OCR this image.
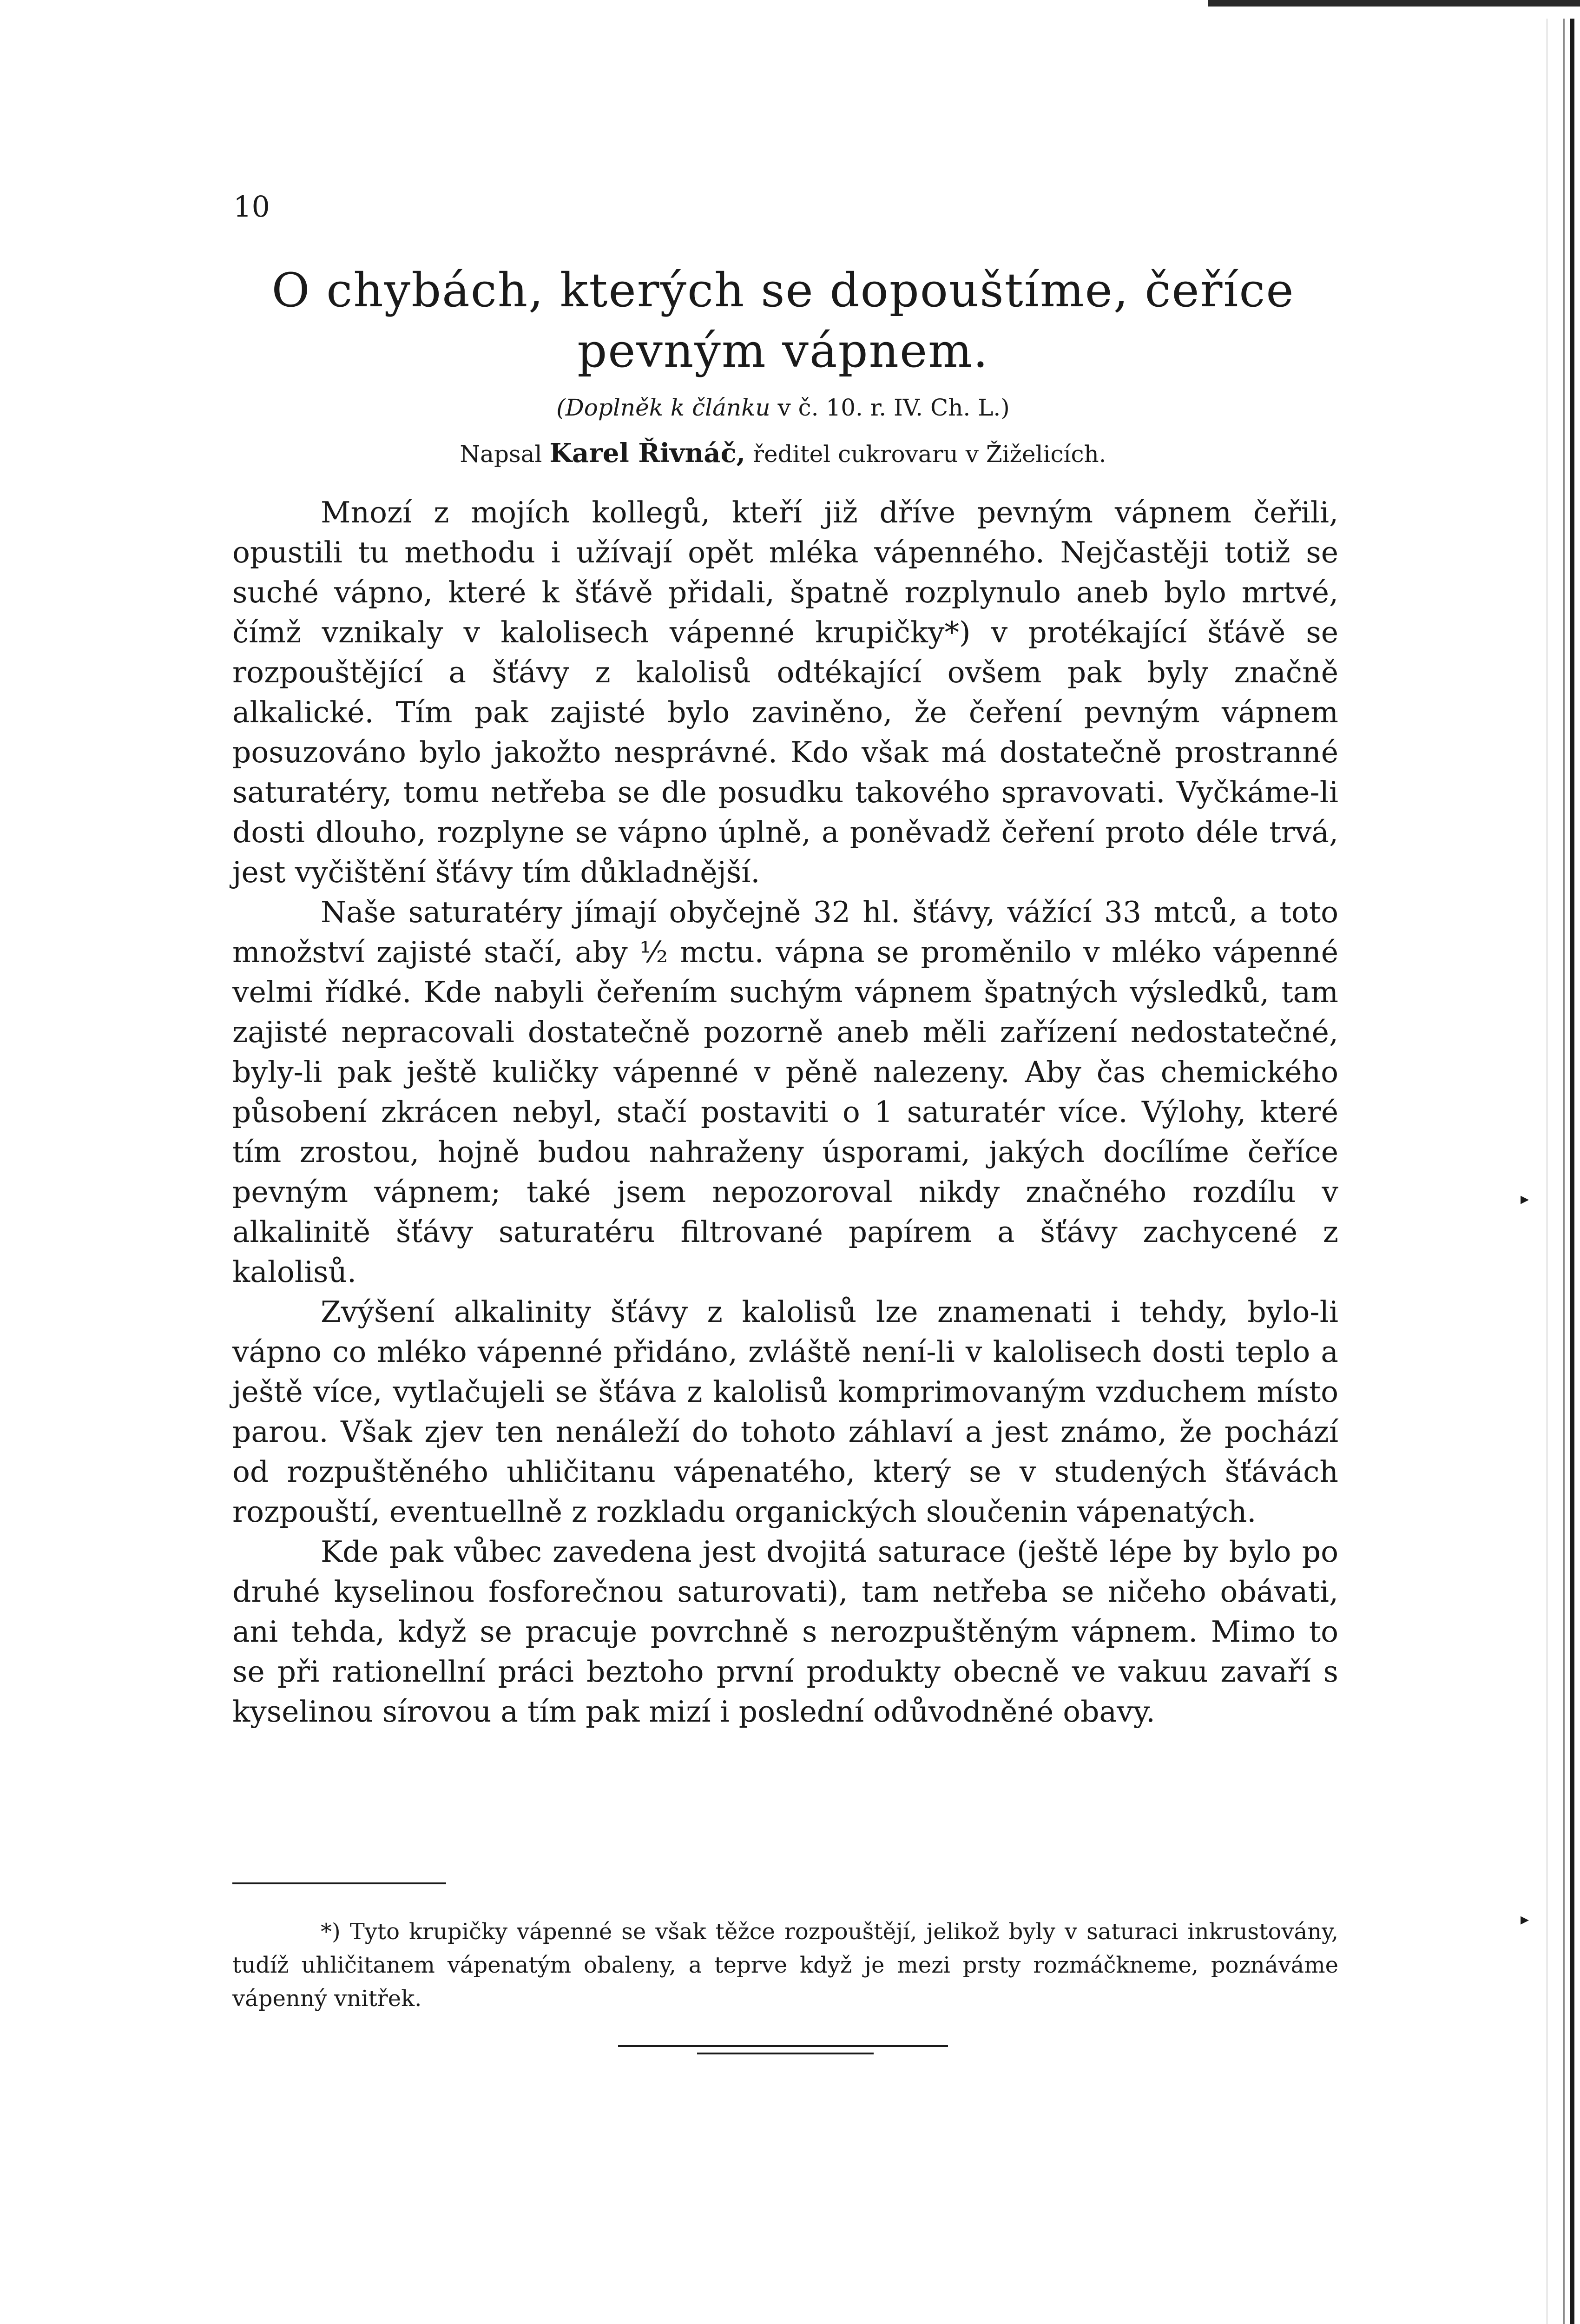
10
O chybách, kterých se dopouštíme, čeříce pevným vápnem.
(Doplněk k článku v č. 10. r. IV. Ch. L.)
Napsal Karel Řivnáč, ředitel cukrovaru v Žiželicích.

Mnozí z mojích kollegů, kteří již dříve pevným vápnem čeřili, opustili tu methodu i užívají opět mléka vápenného. Nejčastěji totiž se suché vápno, které k šťávě přidali, špatně rozplynulo aneb bylo mrtvé, čímž vznikaly v kalolisech vápenné krupičky*) v protékající šťávě se rozpouštějící a šťávy z kalolisů odtékající ovšem pak byly značně alkalické. Tím pak zajisté bylo zaviněno, že čeření pevným vápnem posuzováno bylo jakožto nesprávné. Kdo však má dostatečně prostranné saturatéry, tomu netřeba se dle posudku takového spravovati. Vyčkáme-li dosti dlouho, rozplyne se vápno úplně, a poněvadž čeření proto déle trvá, jest vyčištění šťávy tím důkladnější.

Naše saturatéry jímají obyčejně 32 hl. šťávy, vážící 33 mtců, a toto množství zajisté stačí, aby ½ mctu. vápna se proměnilo v mléko vápenné velmi řídké. Kde nabyli čeřením suchým vápnem špatných výsledků, tam zajisté nepracovali dostatečně pozorně aneb měli zařízení nedostatečné, byly-li pak ještě kuličky vápenné v pěně nalezeny. Aby čas chemického působení zkrácen nebyl, stačí postaviti o 1 saturatér více. Výlohy, které tím zrostou, hojně budou nahraženy úsporami, jakých docílíme čeříce pevným vápnem; také jsem nepozoroval nikdy značného rozdílu v alkalinitě šťávy saturatéru filtrované papírem a šťávy zachycené z kalolisů.

Zvýšení alkalinity šťávy z kalolisů lze znamenati i tehdy, bylo-li vápno co mléko vápenné přidáno, zvláště není-li v kalolisech dosti teplo a ještě více, vytlačujeli se šťáva z kalolisů komprimovaným vzduchem místo parou. Však zjev ten nenáleží do tohoto záhlaví a jest známo, že pochází od rozpuštěného uhličitanu vápenatého, který se v studených šťávách rozpouští, eventuellně z rozkladu organických sloučenin vápenatých.

Kde pak vůbec zavedena jest dvojitá saturace (ještě lépe by bylo po druhé kyselinou fosforečnou saturovati), tam netřeba se ničeho obávati, ani tehda, když se pracuje povrchně s nerozpuštěným vápnem. Mimo to se při rationellní práci beztoho první produkty obecně ve vakuu zavaří s kyselinou sírovou a tím pak mizí i poslední odůvodněné obavy.

*) Tyto krupičky vápenné se však těžce rozpouštějí, jelikož byly v saturaci inkrustovány, tudíž uhličitanem vápenatým obaleny, a teprve když je mezi prsty rozmáčkneme, poznáváme vápenný vnitřek.
▸
▸
